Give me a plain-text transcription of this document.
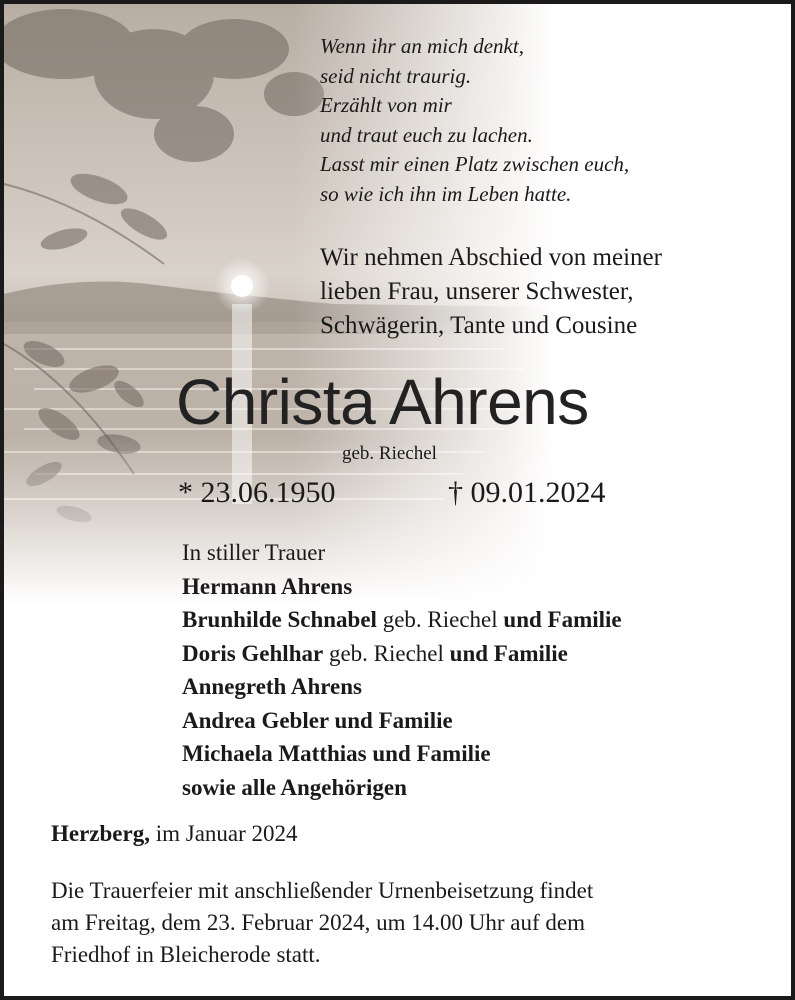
Wenn ihr an mich denkt,
seid nicht traurig.
Erzählt von mir
und traut euch zu lachen.
Lasst mir einen Platz zwischen euch,
so wie ich ihn im Leben hatte.
Wir nehmen Abschied von meiner
lieben Frau, unserer Schwester,
Schwägerin, Tante und Cousine
Christa Ahrens
geb. Riechel
* 23.06.1950	† 09.01.2024
In stiller Trauer
Hermann Ahrens
Brunhilde Schnabel geb. Riechel und Familie
Doris Gehlhar geb. Riechel und Familie
Annegreth Ahrens
Andrea Gebler und Familie
Michaela Matthias und Familie
sowie alle Angehörigen
Herzberg, im Januar 2024
Die Trauerfeier mit anschließender Urnenbeisetzung findet
am Freitag, dem 23. Februar 2024, um 14.00 Uhr auf dem
Friedhof in Bleicherode statt.
